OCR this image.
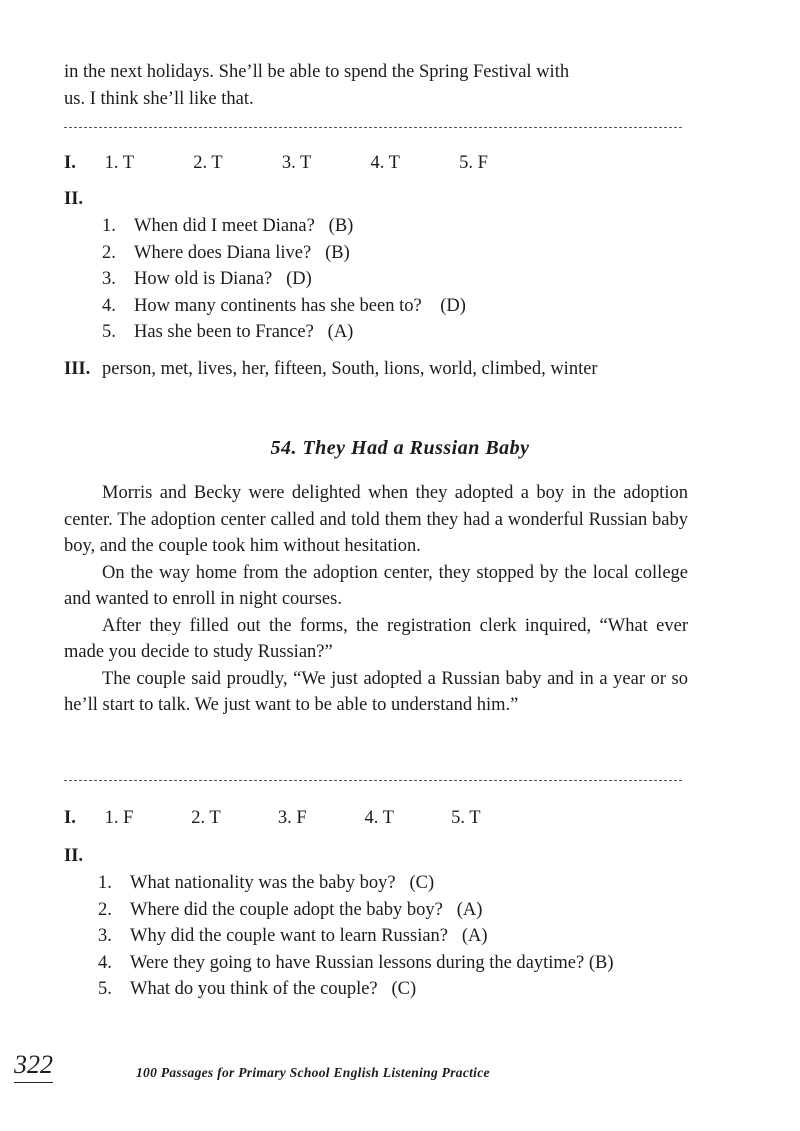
in the next holidays. She’ll be able to spend the Spring Festival with
us. I think she’ll like that.
I. 1. T	2. T	3. T	4. T	5. F
II.
1. When did I meet Diana?   (B)
2. Where does Diana live?   (B)
3. How old is Diana?   (D)
4. How many continents has she been to?    (D)
5. Has she been to France?   (A)
III. person, met, lives, her, fifteen, South, lions, world, climbed, winter
54. They Had a Russian Baby
Morris and Becky were delighted when they adopted a boy in the adoption center. The adoption center called and told them they had a wonderful Russian baby boy, and the couple took him without hesitation.
On the way home from the adoption center, they stopped by the local college and wanted to enroll in night courses.
After they filled out the forms, the registration clerk inquired, “What ever made you decide to study Russian?”
The couple said proudly, “We just adopted a Russian baby and in a year or so he’ll start to talk. We just want to be able to understand him.”
I. 1. F	2. T	3. F	4. T	5. T
II.
1. What nationality was the baby boy?   (C)
2. Where did the couple adopt the baby boy?   (A)
3. Why did the couple want to learn Russian?   (A)
4. Were they going to have Russian lessons during the daytime? (B)
5. What do you think of the couple?   (C)
322	100 Passages for Primary School English Listening Practice
